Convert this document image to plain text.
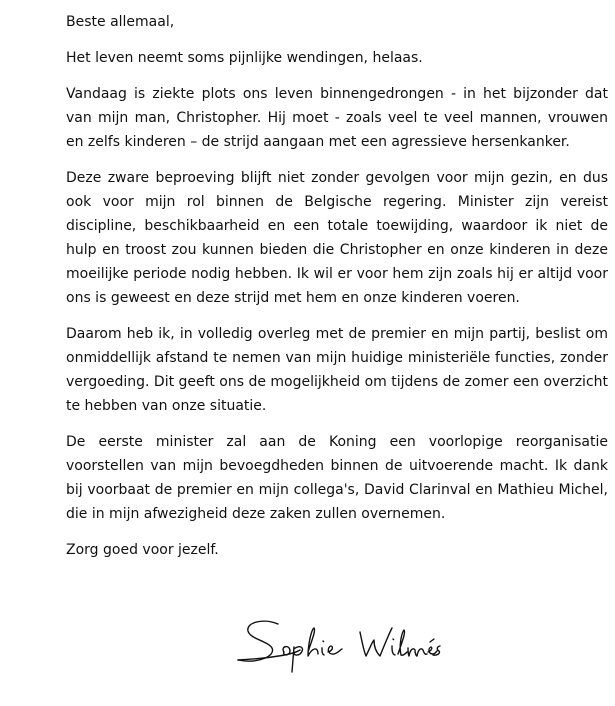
Beste allemaal,

Het leven neemt soms pijnlijke wendingen, helaas.

Vandaag is ziekte plots ons leven binnengedrongen - in het bijzonder dat van mijn man, Christopher. Hij moet - zoals veel te veel mannen, vrouwen en zelfs kinderen – de strijd aangaan met een agressieve hersenkanker.

Deze zware beproeving blijft niet zonder gevolgen voor mijn gezin, en dus ook voor mijn rol binnen de Belgische regering. Minister zijn vereist discipline, beschikbaarheid en een totale toewijding, waardoor ik niet de hulp en troost zou kunnen bieden die Christopher en onze kinderen in deze moeilijke periode nodig hebben. Ik wil er voor hem zijn zoals hij er altijd voor ons is geweest en deze strijd met hem en onze kinderen voeren.

Daarom heb ik, in volledig overleg met de premier en mijn partij, beslist om onmiddellijk afstand te nemen van mijn huidige ministeriële functies, zonder vergoeding. Dit geeft ons de mogelijkheid om tijdens de zomer een overzicht te hebben van onze situatie.

De eerste minister zal aan de Koning een voorlopige reorganisatie voorstellen van mijn bevoegdheden binnen de uitvoerende macht. Ik dank bij voorbaat de premier en mijn collega's, David Clarinval en Mathieu Michel, die in mijn afwezigheid deze zaken zullen overnemen.

Zorg goed voor jezelf.
